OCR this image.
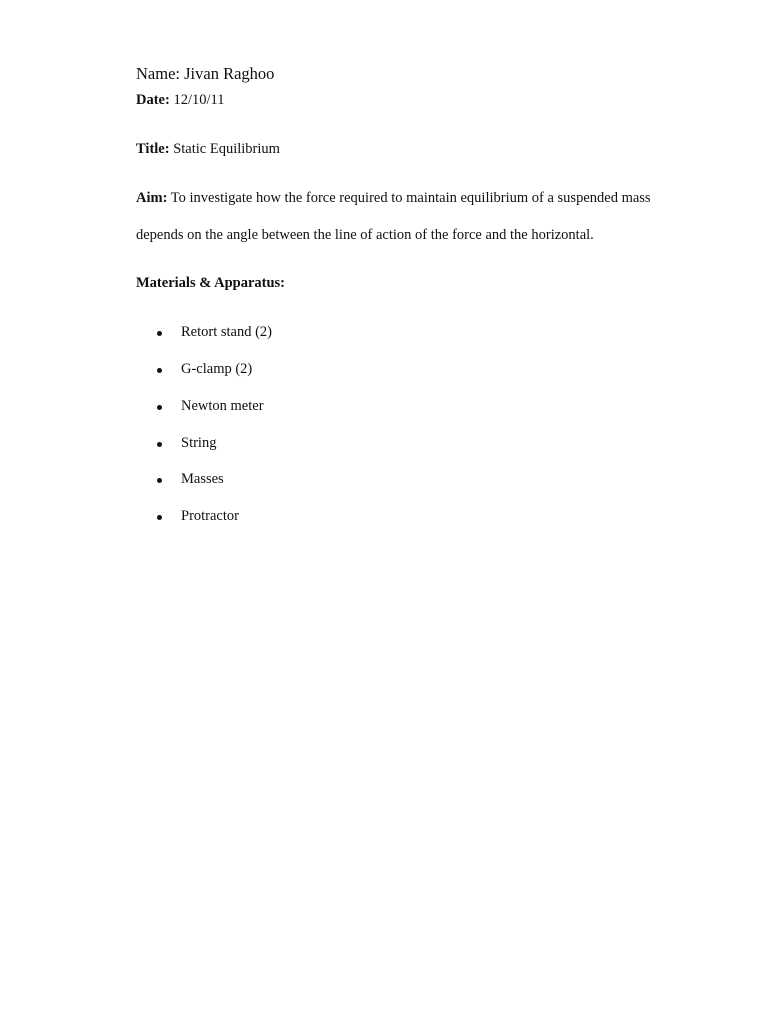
Name: Jivan Raghoo
Date: 12/10/11
Title: Static Equilibrium
Aim: To investigate how the force required to maintain equilibrium of a suspended mass
depends on the angle between the line of action of the force and the horizontal.
Materials & Apparatus:
Retort stand (2)
G-clamp (2)
Newton meter
String
Masses
Protractor
